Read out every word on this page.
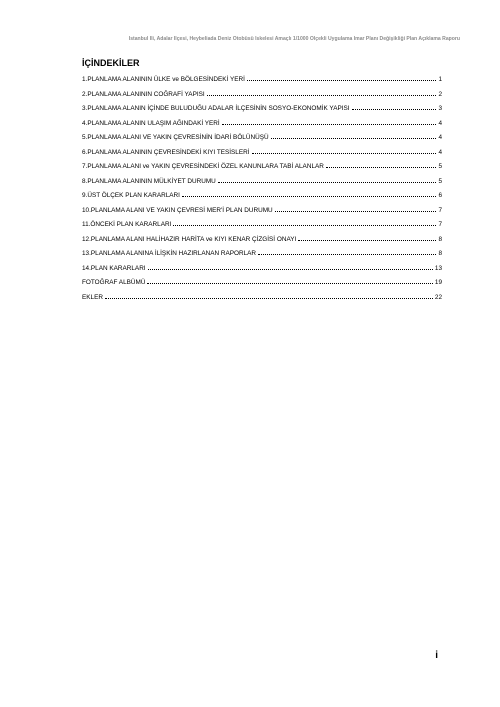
İstanbul İli, Adalar İlçesi, Heybeliada Deniz Otobüsü İskelesi Amaçlı 1/1000 Ölçekli Uygulama İmar Planı Değişikliği Plan Açıklama Raporu
İÇİNDEKİLER
1.PLANLAMA ALANININ ÜLKE ve BÖLGESİNDEKİ YERİ	1
2.PLANLAMA ALANININ COĞRAFİ YAPISI	2
3.PLANLAMA ALANIN İÇİNDE BULUDUĞU ADALAR İLÇESİNİN SOSYO-EKONOMİK YAPISI	3
4.PLANLAMA ALANIN ULAŞIM AĞINDAKİ YERİ	4
5.PLANLAMA ALANI VE YAKIN ÇEVRESİNİN İDARİ BÖLÜNÜŞÜ	4
6.PLANLAMA ALANININ ÇEVRESİNDEKİ KIYI TESİSLERİ	4
7.PLANLAMA ALANI ve YAKIN ÇEVRESİNDEKİ ÖZEL KANUNLARA TABİ ALANLAR	5
8.PLANLAMA ALANININ MÜLKİYET DURUMU	5
9.ÜST ÖLÇEK PLAN KARARLARI	6
10.PLANLAMA ALANI VE YAKIN ÇEVRESİ MER'İ PLAN DURUMU	7
11.ÖNCEKİ PLAN KARARLARI	7
12.PLANLAMA ALANI HALİHAZIR HARİTA ve KIYI KENAR ÇİZGİSİ ONAYI	8
13.PLANLAMA ALANINA İLİŞKİN HAZIRLANAN RAPORLAR	8
14.PLAN KARARLARI	13
FOTOĞRAF ALBÜMÜ	19
EKLER	22
i
